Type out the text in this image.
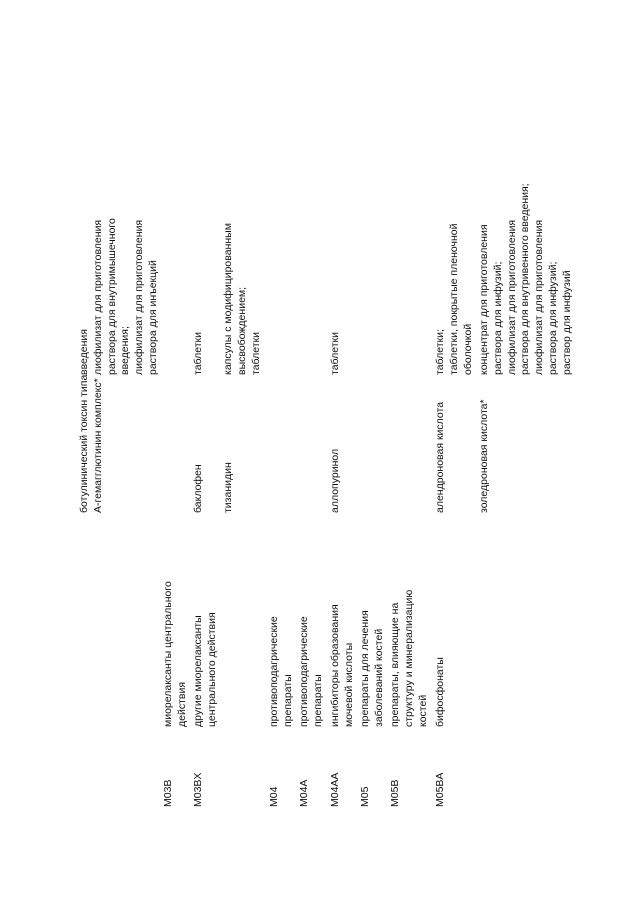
введения
лиофилизат для приготовления
раствора для внутримышечного
введения;
лиофилизат для приготовления
раствора для инъекций
ботулинический токсин типа
А-гемагглютинин комплекс*
M03B
миорелаксанты центрального
действия
M03BX
другие миорелаксанты
центрального действия
баклофен
таблетки
тизанидин
капсулы с модифицированным
высвобождением;
таблетки
M04
противоподагрические
препараты
M04A
противоподагрические
препараты
M04AA
ингибиторы образования
мочевой кислоты
аллопуринол
таблетки
M05
препараты для лечения
заболеваний костей
M05B
препараты, влияющие на
структуру и минерализацию
костей
M05BA
бифосфонаты
алендроновая кислота
таблетки;
таблетки, покрытые пленочной
оболочкой
золедроновая кислота*
концентрат для приготовления
раствора для инфузий;
лиофилизат для приготовления
раствора для внутривенного введения;
лиофилизат для приготовления
раствора для инфузий;
раствор для инфузий
